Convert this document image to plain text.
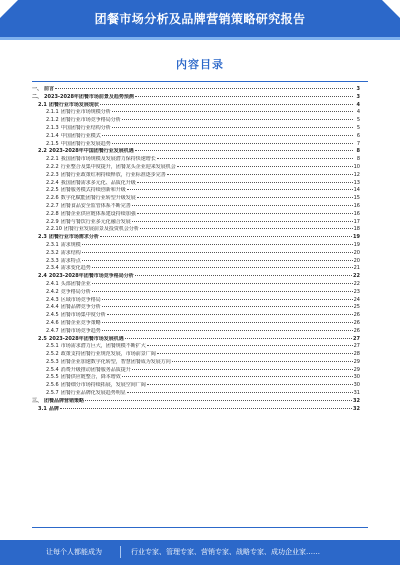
团餐市场分析及品牌营销策略研究报告
内容目录
一、 前言	3
二、 2023-2028年团餐市场前景及趋势预测	3
2.1 团餐行业市场发展现状	4
2.1.1 团餐行业市场规模分析	4
2.1.2 团餐行业市场竞争格局分析	5
2.1.3 中国团餐行业结构分析	5
2.1.4 中国团餐行业模式	6
2.1.5 中国团餐行业发展趋势	7
2.2 2023-2028年中国团餐行业发展机遇	8
2.2.1 我国团餐市场规模及发展潜力保持快速增长	8
2.2.2 行业整合及集中度提升，团餐龙头企业迎来发展机会	10
2.2.3 团餐行业政策红利持续释放，行业标准逐步完善	12
2.2.4 我国团餐需求多元化、品质化升级	13
2.2.5 团餐服务模式持续创新和升级	14
2.2.6 数字化赋能团餐行业转型升级发展	15
2.2.7 团餐食品安全监管体系不断完善	16
2.2.8 团餐企业供应链体系建设持续加强	16
2.2.9 团餐与餐饮行业多元化融合发展	17
2.2.10 团餐行业发展前景及投资机会分析	18
2.3 团餐行业市场需求分析	19
2.3.1 需求规模	19
2.3.2 需求结构	20
2.3.3 需求特点	20
2.3.4 需求变化趋势	21
2.4 2023-2028年团餐市场竞争格局分析	22
2.4.1 头部团餐企业	22
2.4.2 竞争格局分析	23
2.4.3 区域市场竞争格局	24
2.4.4 团餐品牌竞争分析	25
2.4.5 团餐市场集中度分析	26
2.4.6 团餐企业竞争策略	26
2.4.7 团餐市场竞争趋势	26
2.5 2023-2028年团餐市场发展机遇	27
2.5.1 市场需求潜力巨大，团餐规模不断扩大	27
2.5.2 政策支持团餐行业规范发展，市场前景广阔	28
2.5.3 团餐企业加速数字化转型，智慧团餐成为发展方向	29
2.5.4 消费升级推动团餐服务品质提升	29
2.5.5 团餐供应链整合，降本增效	30
2.5.6 团餐细分市场持续拓展，发展空间广阔	30
2.5.7 团餐行业品牌化发展趋势明显	31
三、 团餐品牌营销策略	32
3.1 品牌	32
让每个人都能成为	行业专家、管理专家、营销专家、战略专家、成功企业家……
